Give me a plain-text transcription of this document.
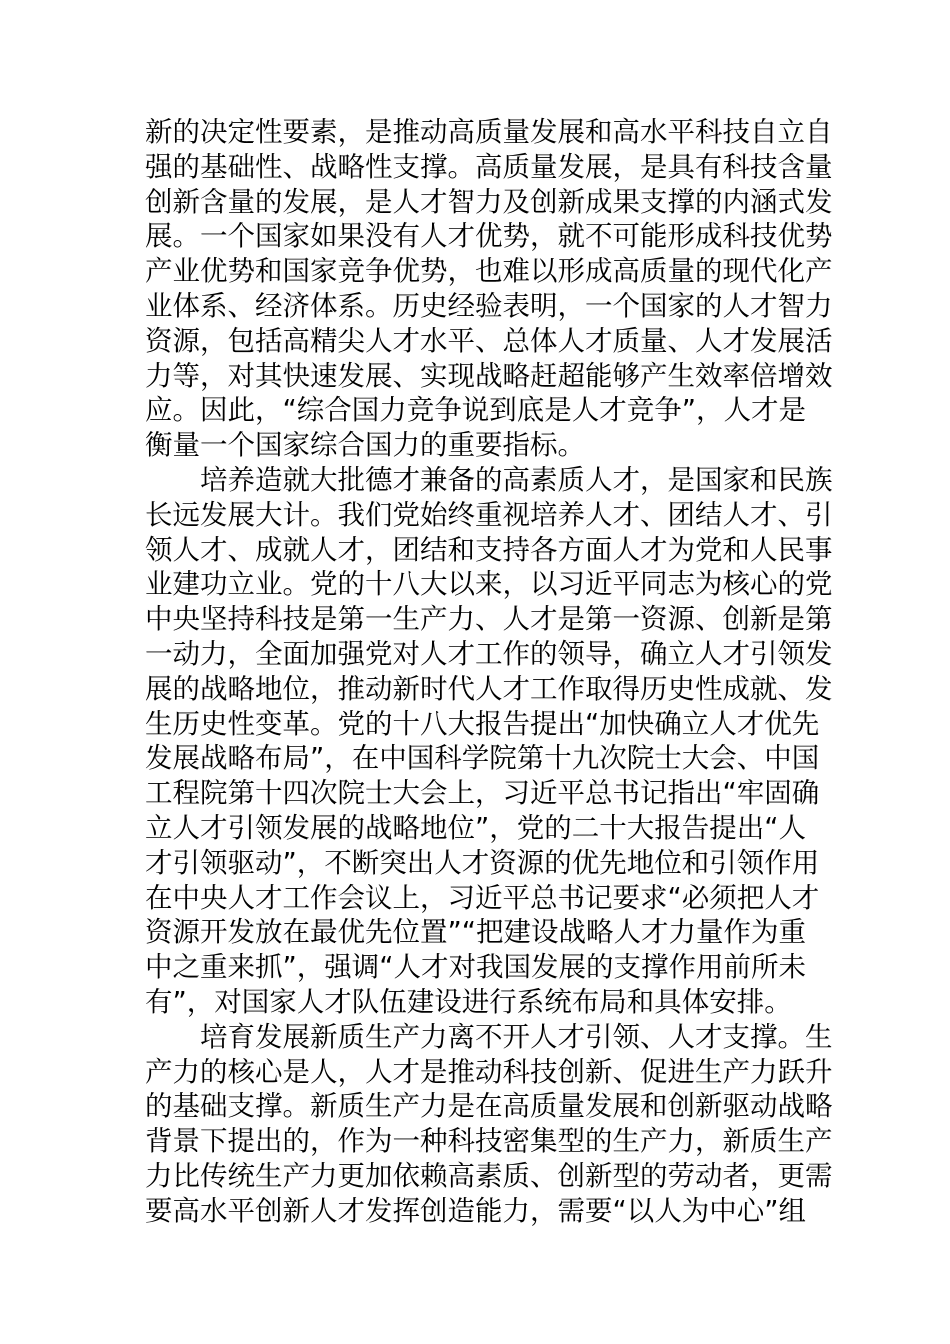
新的决定性要素，是推动高质量发展和高水平科技自立自
强的基础性、战略性支撑。高质量发展，是具有科技含量
创新含量的发展，是人才智力及创新成果支撑的内涵式发
展。一个国家如果没有人才优势，就不可能形成科技优势
产业优势和国家竞争优势，也难以形成高质量的现代化产
业体系、经济体系。历史经验表明，一个国家的人才智力
资源，包括高精尖人才水平、总体人才质量、人才发展活
力等，对其快速发展、实现战略赶超能够产生效率倍增效
应。因此，“综合国力竞争说到底是人才竞争”，人才是
衡量一个国家综合国力的重要指标。

培养造就大批德才兼备的高素质人才，是国家和民族
长远发展大计。我们党始终重视培养人才、团结人才、引
领人才、成就人才，团结和支持各方面人才为党和人民事
业建功立业。党的十八大以来，以习近平同志为核心的党
中央坚持科技是第一生产力、人才是第一资源、创新是第
一动力，全面加强党对人才工作的领导，确立人才引领发
展的战略地位，推动新时代人才工作取得历史性成就、发
生历史性变革。党的十八大报告提出“加快确立人才优先
发展战略布局”，在中国科学院第十九次院士大会、中国
工程院第十四次院士大会上，习近平总书记指出“牢固确
立人才引领发展的战略地位”，党的二十大报告提出“人
才引领驱动”，不断突出人才资源的优先地位和引领作用
在中央人才工作会议上，习近平总书记要求“必须把人才
资源开发放在最优先位置”“把建设战略人才力量作为重
中之重来抓”，强调“人才对我国发展的支撑作用前所未
有”，对国家人才队伍建设进行系统布局和具体安排。

培育发展新质生产力离不开人才引领、人才支撑。生
产力的核心是人，人才是推动科技创新、促进生产力跃升
的基础支撑。新质生产力是在高质量发展和创新驱动战略
背景下提出的，作为一种科技密集型的生产力，新质生产
力比传统生产力更加依赖高素质、创新型的劳动者，更需
要高水平创新人才发挥创造能力，需要“以人为中心”组
